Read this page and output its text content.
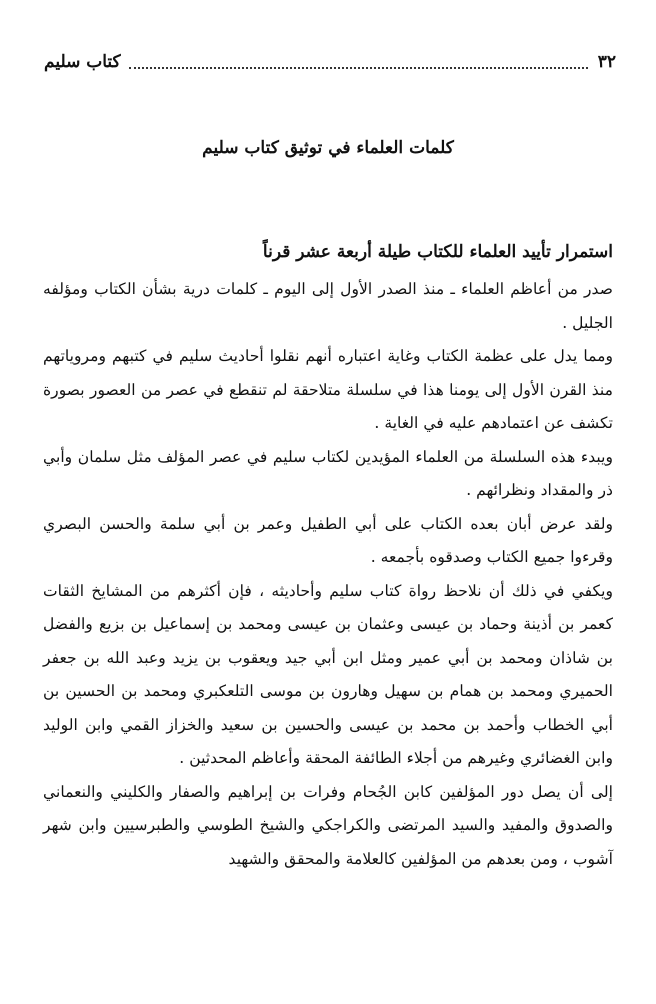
٣٢
كتاب سليم
كلمات العلماء في توثيق كتاب سليم
استمرار تأييد العلماء للكتاب طيلة أربعة عشر قرناً

صدر من أعاظم العلماء ـ منذ الصدر الأول إلى اليوم ـ كلمات درية بشأن الكتاب ومؤلفه الجليل .

ومما يدل على عظمة الكتاب وغاية اعتباره أنهم نقلوا أحاديث سليم في كتبهم ومروياتهم منذ القرن الأول إلى يومنا هذا في سلسلة متلاحقة لم تنقطع في عصر من العصور بصورة تكشف عن اعتمادهم عليه في الغاية .

ويبدء هذه السلسلة من العلماء المؤيدين لكتاب سليم في عصر المؤلف مثل سلمان وأبي ذر والمقداد ونظرائهم .

ولقد عرض أبان بعده الكتاب على أبي الطفيل وعمر بن أبي سلمة والحسن البصري وقرءوا جميع الكتاب وصدقوه بأجمعه .

ويكفي في ذلك أن نلاحظ رواة كتاب سليم وأحاديثه ، فإن أكثرهم من المشايخ الثقات كعمر بن أذينة وحماد بن عيسى وعثمان بن عيسى ومحمد بن إسماعيل بن بزيع والفضل بن شاذان ومحمد بن أبي عمير ومثل ابن أبي جيد ويعقوب بن يزيد وعبد الله بن جعفر الحميري ومحمد بن همام بن سهيل وهارون بن موسى التلعكبري ومحمد بن الحسين بن أبي الخطاب وأحمد بن محمد بن عيسى والحسين بن سعيد والخزاز القمي وابن الوليد وابن الغضائري وغيرهم من أجلاء الطائفة المحقة وأعاظم المحدثين .

إلى أن يصل دور المؤلفين كابن الجُحام وفرات بن إبراهيم والصفار والكليني والنعماني والصدوق والمفيد والسيد المرتضى والكراجكي والشيخ الطوسي والطبرسيين وابن شهر آشوب ، ومن بعدهم من المؤلفين كالعلامة والمحقق والشهيد
